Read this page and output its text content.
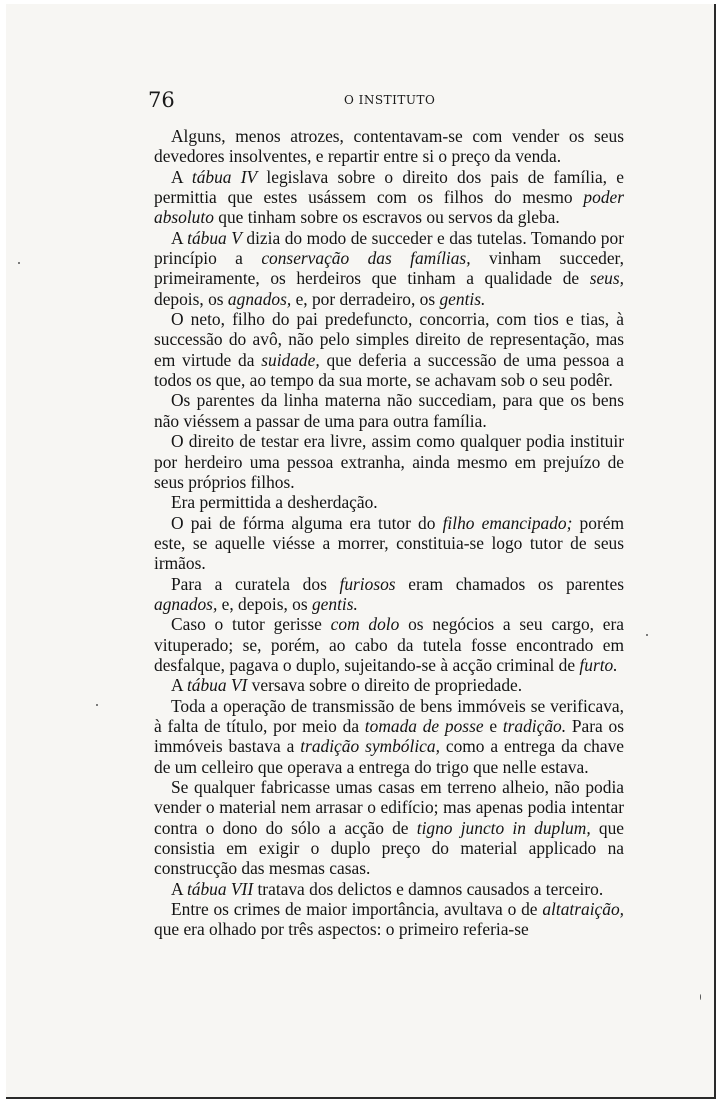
76	O INSTITUTO

Alguns, menos atrozes, contentavam-se com vender os seus devedores insolventes, e repartir entre si o preço da venda.

A tábua IV legislava sobre o direito dos pais de família, e permittia que estes usássem com os filhos do mesmo poder absoluto que tinham sobre os escravos ou servos da gleba.

A tábua V dizia do modo de succeder e das tutelas. Tomando por princípio a conservação das famílias, vinham succeder, primeiramente, os herdeiros que tinham a qualidade de seus, depois, os agnados, e, por derradeiro, os gentis.

O neto, filho do pai predefuncto, concorria, com tios e tias, à successão do avô, não pelo simples direito de representação, mas em virtude da suidade, que deferia a successão de uma pessoa a todos os que, ao tempo da sua morte, se achavam sob o seu podêr.

Os parentes da linha materna não succediam, para que os bens não viéssem a passar de uma para outra família.

O direito de testar era livre, assim como qualquer podia instituir por herdeiro uma pessoa extranha, ainda mesmo em prejuízo de seus próprios filhos.

Era permittida a desherdação.

O pai de fórma alguma era tutor do filho emancipado; porém este, se aquelle viésse a morrer, constituia-se logo tutor de seus irmãos.

Para a curatela dos furiosos eram chamados os parentes agnados, e, depois, os gentis.

Caso o tutor gerisse com dolo os negócios a seu cargo, era vituperado; se, porém, ao cabo da tutela fosse encontrado em desfalque, pagava o duplo, sujeitando-se à acção criminal de furto.

A tábua VI versava sobre o direito de propriedade.

Toda a operação de transmissão de bens immóveis se verificava, à falta de título, por meio da tomada de posse e tradição. Para os immóveis bastava a tradição symbólica, como a entrega da chave de um celleiro que operava a entrega do trigo que nelle estava.

Se qualquer fabricasse umas casas em terreno alheio, não podia vender o material nem arrasar o edifício; mas apenas podia intentar contra o dono do sólo a acção de tigno juncto in duplum, que consistia em exigir o duplo preço do material applicado na construcção das mesmas casas.

A tábua VII tratava dos delictos e damnos causados a terceiro.

Entre os crimes de maior importância, avultava o de altatraição, que era olhado por três aspectos: o primeiro referia-se
